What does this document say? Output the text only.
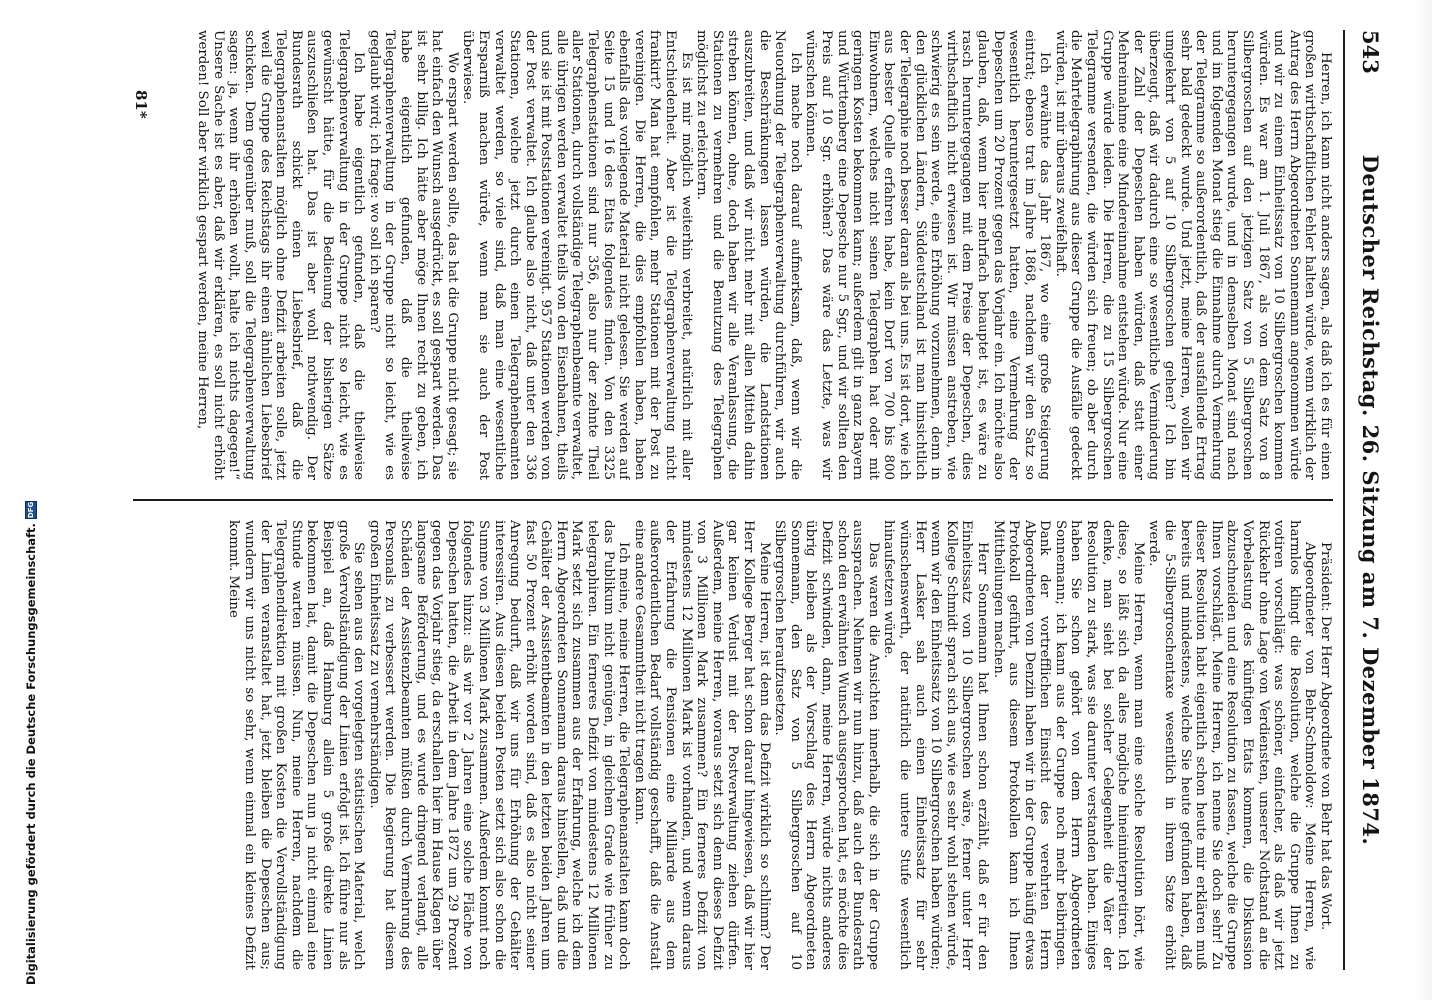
543
Deutscher Reichstag. 26. Sitzung am 7. Dezember 1874.

Herren, ich kann nicht anders sagen, als daß ich es für einen großen wirthschaftlichen Fehler halten würde, wenn wirklich der Antrag des Herrn Abgeordneten Sonnemann angenommen würde und wir zu einem Einheitssatz von 10 Silbergroschen kommen würden. Es war am 1. Juli 1867, als von dem Satz von 8 Silbergroschen auf den jetzigen Satz von 5 Silbergroschen heruntergegangen wurde, und in demselben Monat sind nach und im folgenden Monat stieg die Einnahme durch Vermehrung der Telegramme so außerordentlich, daß der ausfallende Ertrag sehr bald gedeckt wurde. Und jetzt, meine Herren, wollen wir umgekehrt von 5 auf 10 Silbergroschen gehen? Ich bin überzeugt, daß wir dadurch eine so wesentliche Verminderung der Zahl der Depeschen haben würden, daß statt einer Mehreinnahme eine Mindereinnahme entstehen würde. Nur eine Gruppe würde leiden. Die Herren, die zu 15 Silbergroschen Telegramme versenden, die würden sich freuen; ob aber durch die Mehrtelegraphirung aus dieser Gruppe die Ausfälle gedeckt würden, ist mir überaus zweifelhaft.

Ich erwähnte das Jahr 1867, wo eine große Steigerung eintrat; ebenso trat im Jahre 1868, nachdem wir den Satz so wesentlich heruntergesetzt hatten, eine Vermehrung der Depeschen um 20 Prozent gegen das Vorjahr ein. Ich möchte also glauben, daß, wenn hier mehrfach behauptet ist, es wäre zu rasch heruntergegangen mit dem Preise der Depeschen, dies wirthschaftlich nicht erwiesen ist. Wir müssen anstreben, wie schwierig es sein werde, eine Erhöhung vorzunehmen, denn in den glücklichen Ländern, Süddeutschland ist man hinsichtlich der Telegraphie noch besser daran als bei uns. Es ist dort, wie ich aus bester Quelle erfahren habe, kein Dorf von 700 bis 800 Einwohnern, welches nicht seinen Telegraphen hat oder mit geringen Kosten bekommen kann; außerdem gilt in ganz Bayern und Württemberg eine Depesche nur 5 Sgr., und wir sollten den Preis auf 10 Sgr. erhöhen? Das wäre das Letzte, was wir wünschen können.

Ich mache noch darauf aufmerksam, daß, wenn wir die Neuordnung der Telegraphenverwaltung durchführen, wir auch die Beschränkungen lassen würden, die Landstationen auszubreiten, und daß wir nicht mehr mit allen Mitteln dahin streben können, ohne, doch haben wir alle Veranlassung, die Stationen zu vermehren und die Benutzung des Telegraphen möglichst zu erleichtern.

Es ist mir möglich weiterhin verbreitet, natürlich mit aller Entschiedenheit. Aber ist die Telegraphenverwaltung nicht frankirt? Man hat empfohlen, mehr Stationen mit der Post zu vereinigen. Die Herren, die dies empfohlen haben, haben ebenfalls das vorliegende Material nicht gelesen. Sie werden auf Seite 15 und 16 des Etats folgendes finden. Von den 3325 Telegraphenstationen sind nur 356, also nur der zehnte Theil aller Stationen, durch vollständige Telegraphenbeamte verwaltet, alle übrigen werden verwaltet theils von den Eisenbahnen, theils und sie ist mit Poststationen vereinigt. 957 Stationen werden von der Post verwaltet. Ich glaube also nicht, daß unter den 336 Stationen, welche jetzt durch einen Telegraphenbeamten verwaltet werden, so viele sind, daß man eine wesentliche Ersparniß machen würde, wenn man sie auch der Post überwiese.

Wo erspart werden sollte, das hat die Gruppe nicht gesagt; sie hat einfach den Wunsch ausgedrückt, es soll gespart werden. Das ist sehr billig. Ich hätte aber möge Ihnen recht zu geben, ich habe eigentlich gefunden, daß die theilweise Telegraphenverwaltung in der Gruppe nicht so leicht, wie es geglaubt wird; ich frage: wo soll ich sparen?

Ich habe eigentlich gefunden, daß die theilweise Telegraphenverwaltung in der Gruppe nicht so leicht, wie es gewünscht hätte, für die Bedienung der bisherigen Sätze auszuschließen hat. Das ist aber wohl nothwendig. Der Bundesrath schickt einen Liebesbrief, daß die Telegraphenanstalten möglich ohne Defizit arbeiten solle, jetzt weil die Gruppe des Reichstags ihr einen ähnlichen Liebesbrief schicken. Dem gegenüber muß, soll die Telegraphenverwaltung sagen: ja, wenn ihr erhöhen wollt, halte ich nichts dagegen!“ Unsere Sache ist es aber, daß wir erklären, es soll nicht erhöht werden! Soll aber wirklich gespart werden, meine Herren,

Präsident: Der Herr Abgeordnete von Behr hat das Wort.

Abgeordneter von Behr-Schmoldow: Meine Herren, wie harmlos klingt die Resolution, welche die Gruppe Ihnen zu votiren vorschlägt: was schöner, einfacher, als daß wir jetzt Rückkehr ohne Lage von Verdiensten, unserer Nothstand an die Vorbelastung des künftigen Etats kommen, die Diskussion abzuschneiden und eine Resolution zu fassen, welche die Gruppe Ihnen vorschlägt. Meine Herren, ich nenne Sie doch sehr! Zu dieser Resolution habt eigentlich schon heute mir erklären muß bereits und mindestens, welche Sie heute gefunden haben, daß die 5-Silbergroschentaxe wesentlich in ihrem Satze erhöht werde.

Meine Herren, wenn man eine solche Resolution hört, wie diese, so läßt sich da alles mögliche hineininterpretiren. Ich denke, man sieht bei solcher Gelegenheit die Väter der Resolution zu stark, was sie darunter verstanden haben. Einiges haben Sie schon gehört von dem Herrn Abgeordneten Sonnemann; ich kann aus der Gruppe noch mehr beibringen. Dank der vortrefflichen Einsicht des verehrten Herrn Abgeordneten von Denzin haben wir in der Gruppe häufig etwas Protokoll geführt, aus diesem Protokollen kann ich Ihnen Mittheilungen machen.

Herr Sonnemann hat Ihnen schon erzählt, daß er für den Einheitssatz von 10 Silbergroschen wäre, ferner unter Herr Kollege Schmidt sprach sich aus, wie es sehr wohl stehen würde, wenn wir den Einheitssatz von 10 Silbergroschen haben würden; Herr Lasker sah auch einen Einheitssatz für sehr wünschenswerth, der natürlich die untere Stufe wesentlich hinaufsetzen würde.

Das waren die Ansichten innerhalb, die sich in der Gruppe aussprachen. Nehmen wir nun hinzu, daß auch der Bundesrath schon den erwähnten Wunsch ausgesprochen hat, es möchte dies Defizit schwinden, dann, meine Herren, würde nichts anderes übrig bleiben als der Vorschlag des Herrn Abgeordneten Sonnemann, den Satz von 5 Silbergroschen auf 10 Silbergroschen heraufzusetzen.

Meine Herren, ist denn das Defizit wirklich so schlimm? Der Herr Kollege Berger hat schon darauf hingewiesen, daß wir hier gar keinen Verlust mit der Postverwaltung ziehen dürfen. Außerdem, meine Herren, woraus setzt sich denn dieses Defizit von 3 Millionen Mark zusammen? Ein ferneres Defizit von mindestens 12 Millionen Mark ist vorhanden, und wenn daraus der Erfahrung die Pensionen eine Milliarde aus dem außerordentlichen Bedarf vollständig geschafft, daß die Anstalt eine andere Gesammtheit nicht tragen kann.

Ich meine, meine Herren, die Telegraphenanstalten kann doch das Publikum nicht genügen, in gleichem Grade wie früher zu telegraphiren. Ein ferneres Defizit von mindestens 12 Millionen Mark setzt sich zusammen aus der Erfahrung, welche ich dem Herrn Abgeordneten Sonnemann daraus hinstellen, daß und die Gehälter der Assistentbeamten in den letzten beiden Jahren um fast 50 Prozent erhöht worden sind, daß es also nicht seiner Anregung bedurft, daß wir uns für Erhöhung der Gehälter interessiren. Aus diesen beiden Posten setzt sich also schon die Summe von 3 Millionen Mark zusammen. Außerdem kommt noch folgendes hinzu: als wir vor 2 Jahren eine solche Fläche von Depeschen hatten, die Arbeit in dem Jahre 1872 um 29 Prozent gegen das Vorjahr stieg, da erschallen hier im Hause Klagen über langsame Beförderung, und es wurde dringend verlangt, alle Schäden der Assistenzbeamten müßten durch Vermehrung des Personals zu verbessert werden. Die Regierung hat diesem großen Einheitssatz zu vermehrständigen.

Sie sehen aus den vorgelegten statistischen Material, welch große Vervollständigung der Linien erfolgt ist. Ich führe nur als Beispiel an, daß Hamburg allein 5 große direkte Linien bekommen hat, damit die Depeschen nun ja nicht einmal eine Stunde warten müssen. Nun, meine Herren, nachdem die Telegraphendirektion mit großen Kosten die Vervollständigung der Linien veranstaltet hat, jetzt bleiben die Depeschen aus; wundern wir uns nicht so sehr, wenn einmal ein kleines Defizit kommt. Meine

81*
Digitalisierung gefördert durch die Deutsche Forschungsgemeinschaft.
DFG
